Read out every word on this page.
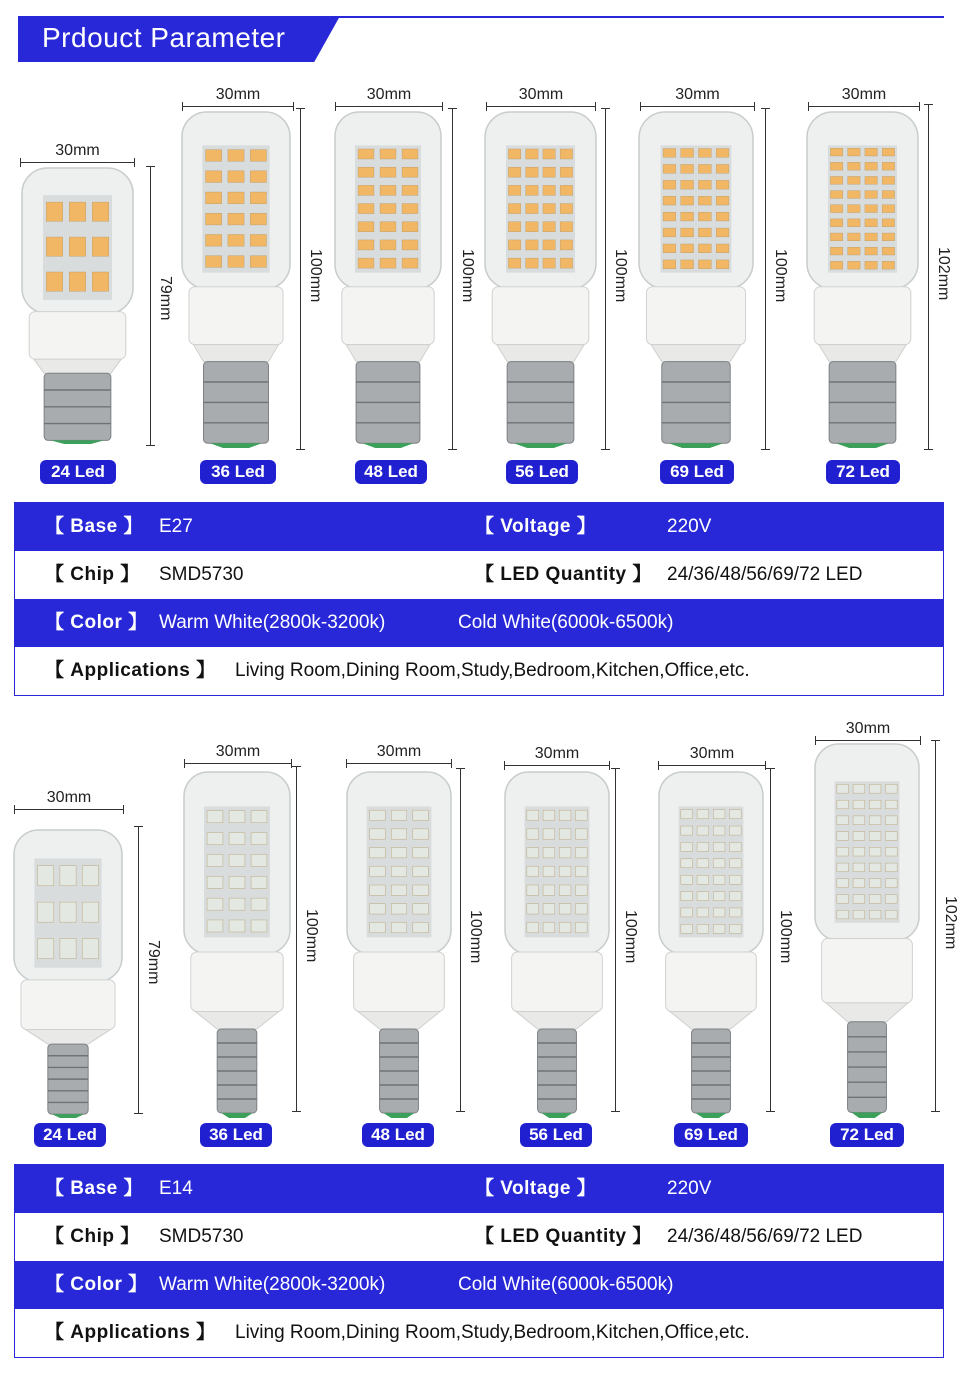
Prdouct Parameter
30mm
79mm
24 Led
30mm
100mm
36 Led
30mm
100mm
48 Led
30mm
100mm
56 Led
30mm
100mm
69 Led
30mm
102mm
72 Led
30mm
79mm
24 Led
30mm
100mm
36 Led
30mm
100mm
48 Led
30mm
100mm
56 Led
30mm
100mm
69 Led
30mm
102mm
72 Led
【 Base 】 E27	【 Voltage 】	220V
【 Chip 】 SMD5730	【 LED Quantity 】 24/36/48/56/69/72 LED
【 Color 】 Warm White(2800k-3200k)	Cold White(6000k-6500k)
【 Applications 】 Living Room,Dining Room,Study,Bedroom,Kitchen,Office,etc.
【 Base 】 E14	【 Voltage 】	220V
【 Chip 】 SMD5730	【 LED Quantity 】 24/36/48/56/69/72 LED
【 Color 】 Warm White(2800k-3200k)	Cold White(6000k-6500k)
【 Applications 】 Living Room,Dining Room,Study,Bedroom,Kitchen,Office,etc.
